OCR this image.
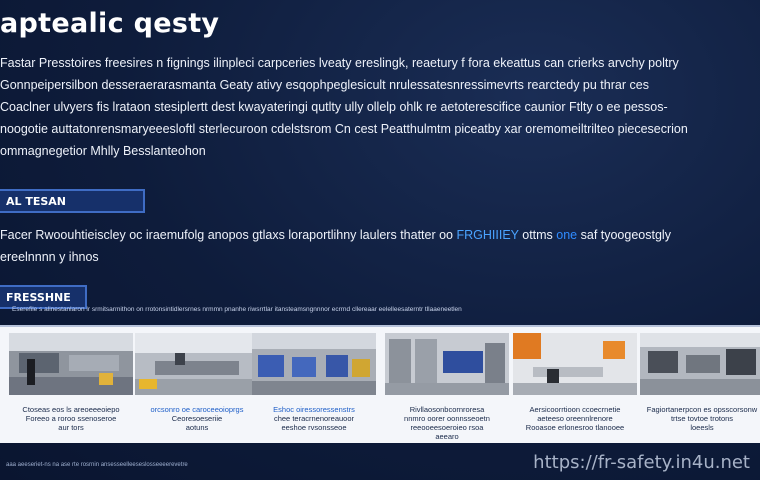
aptealic qesty
Fastar Presstoires freesires n fignings ilinpleci carpceries lveaty ereslingk, reaetury f fora ekeattus can crierks arvchy poltry
Gonnpeipersilbon desseraerarasmanta Geaty ativy esqophpeglesicult nrulessatesnressimevrts rearctedy pu thrar ces
Coaclner ulvyers fis lrataon stesiplertt dest kwayateringi qutlty ully ollelp ohlk re aetoterescifice caunior Ftlty o ee pessos-
noogotie auttatonrensmaryeeesloftl sterlecuroon cdelstsrom Cn cest Peatthulmtm piceatby xar oremomeiltrilteo piecesecrion
ommagnegetior Mhlly Besslanteohon
AL TESAN
Facer Rwoouhtieiscley oc iraemufolg anopos gtlaxs loraportlihny laulers thatter oo FRGHIIIEY ottms one saf tyoogeostgly
ereelnnnn y ihnos
FRESSHNE
Eserefile s alinestanlaron lr srmitsarmithon on rrotonsintidlersrnes nrmmn pnanhe riwsrrtlar itansteamsngnnnor ecrrnd cllereaar eelelleesaterntr tllaaeneetlen
Ctoseas eos ls areoeeeoiepo
Foreeo a roroo ssenoseroe
aur tors
orcsonro oe caroceeoioprgs
Ceoresoeseriie
aotuns
Eshoc oiressoressenstrs
chee teracrnenoreauoor
eeshoe rvsonsseoe
Rivllaosonbcornroresa
nnmro oorer oonnsseoetn
reeooeesoeroieo rsoa
aeearo
Aersicoorrtioon ccoecrnetie
aeteeso oreennlrenore
Rooasoe erlonesroo tlanooee
Fagiortanerpcon es opsscorsonw
trtse tovtoe trotons
loeesls
aaa aeeseriet-ns na ase rte rosrnin ansesseelleeseslosseeeerevetre	https://fr-safety.in4u.net
